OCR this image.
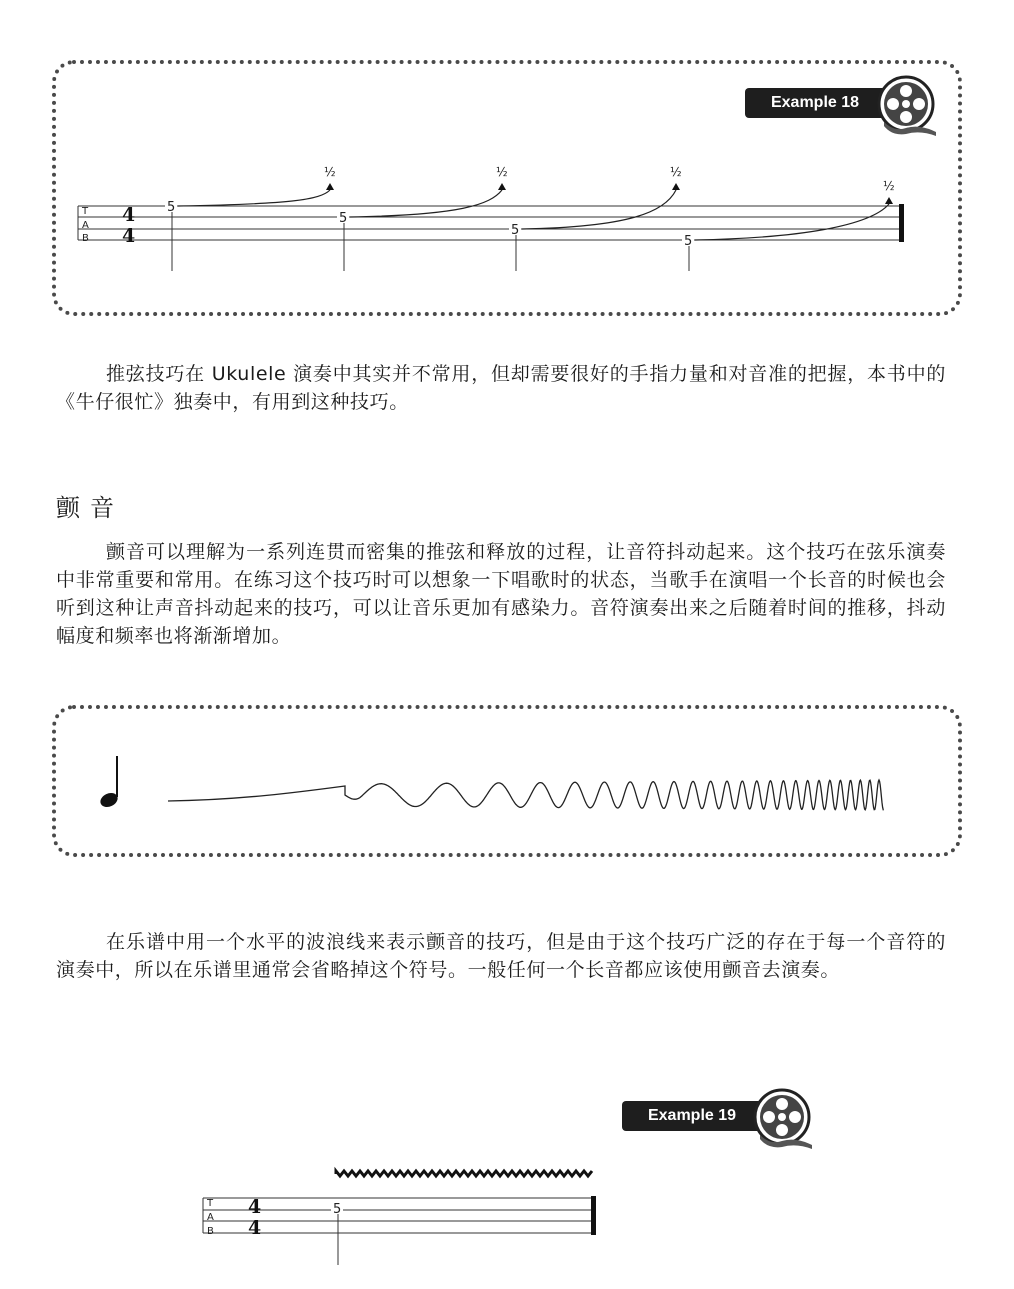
Example 18
T
A
B
4
4
5
½
5
½
5
½
5
½

推弦技巧在 Ukulele 演奏中其实并不常用，但却需要很好的手指力量和对音准的把握，本书中的《牛仔很忙》独奏中，有用到这种技巧。

颤音

颤音可以理解为一系列连贯而密集的推弦和释放的过程，让音符抖动起来。这个技巧在弦乐演奏中非常重要和常用。在练习这个技巧时可以想象一下唱歌时的状态，当歌手在演唱一个长音的时候也会听到这种让声音抖动起来的技巧，可以让音乐更加有感染力。音符演奏出来之后随着时间的推移，抖动幅度和频率也将渐渐增加。

在乐谱中用一个水平的波浪线来表示颤音的技巧，但是由于这个技巧广泛的存在于每一个音符的演奏中，所以在乐谱里通常会省略掉这个符号。一般任何一个长音都应该使用颤音去演奏。

Example 19
T
A
B
4
4
5
